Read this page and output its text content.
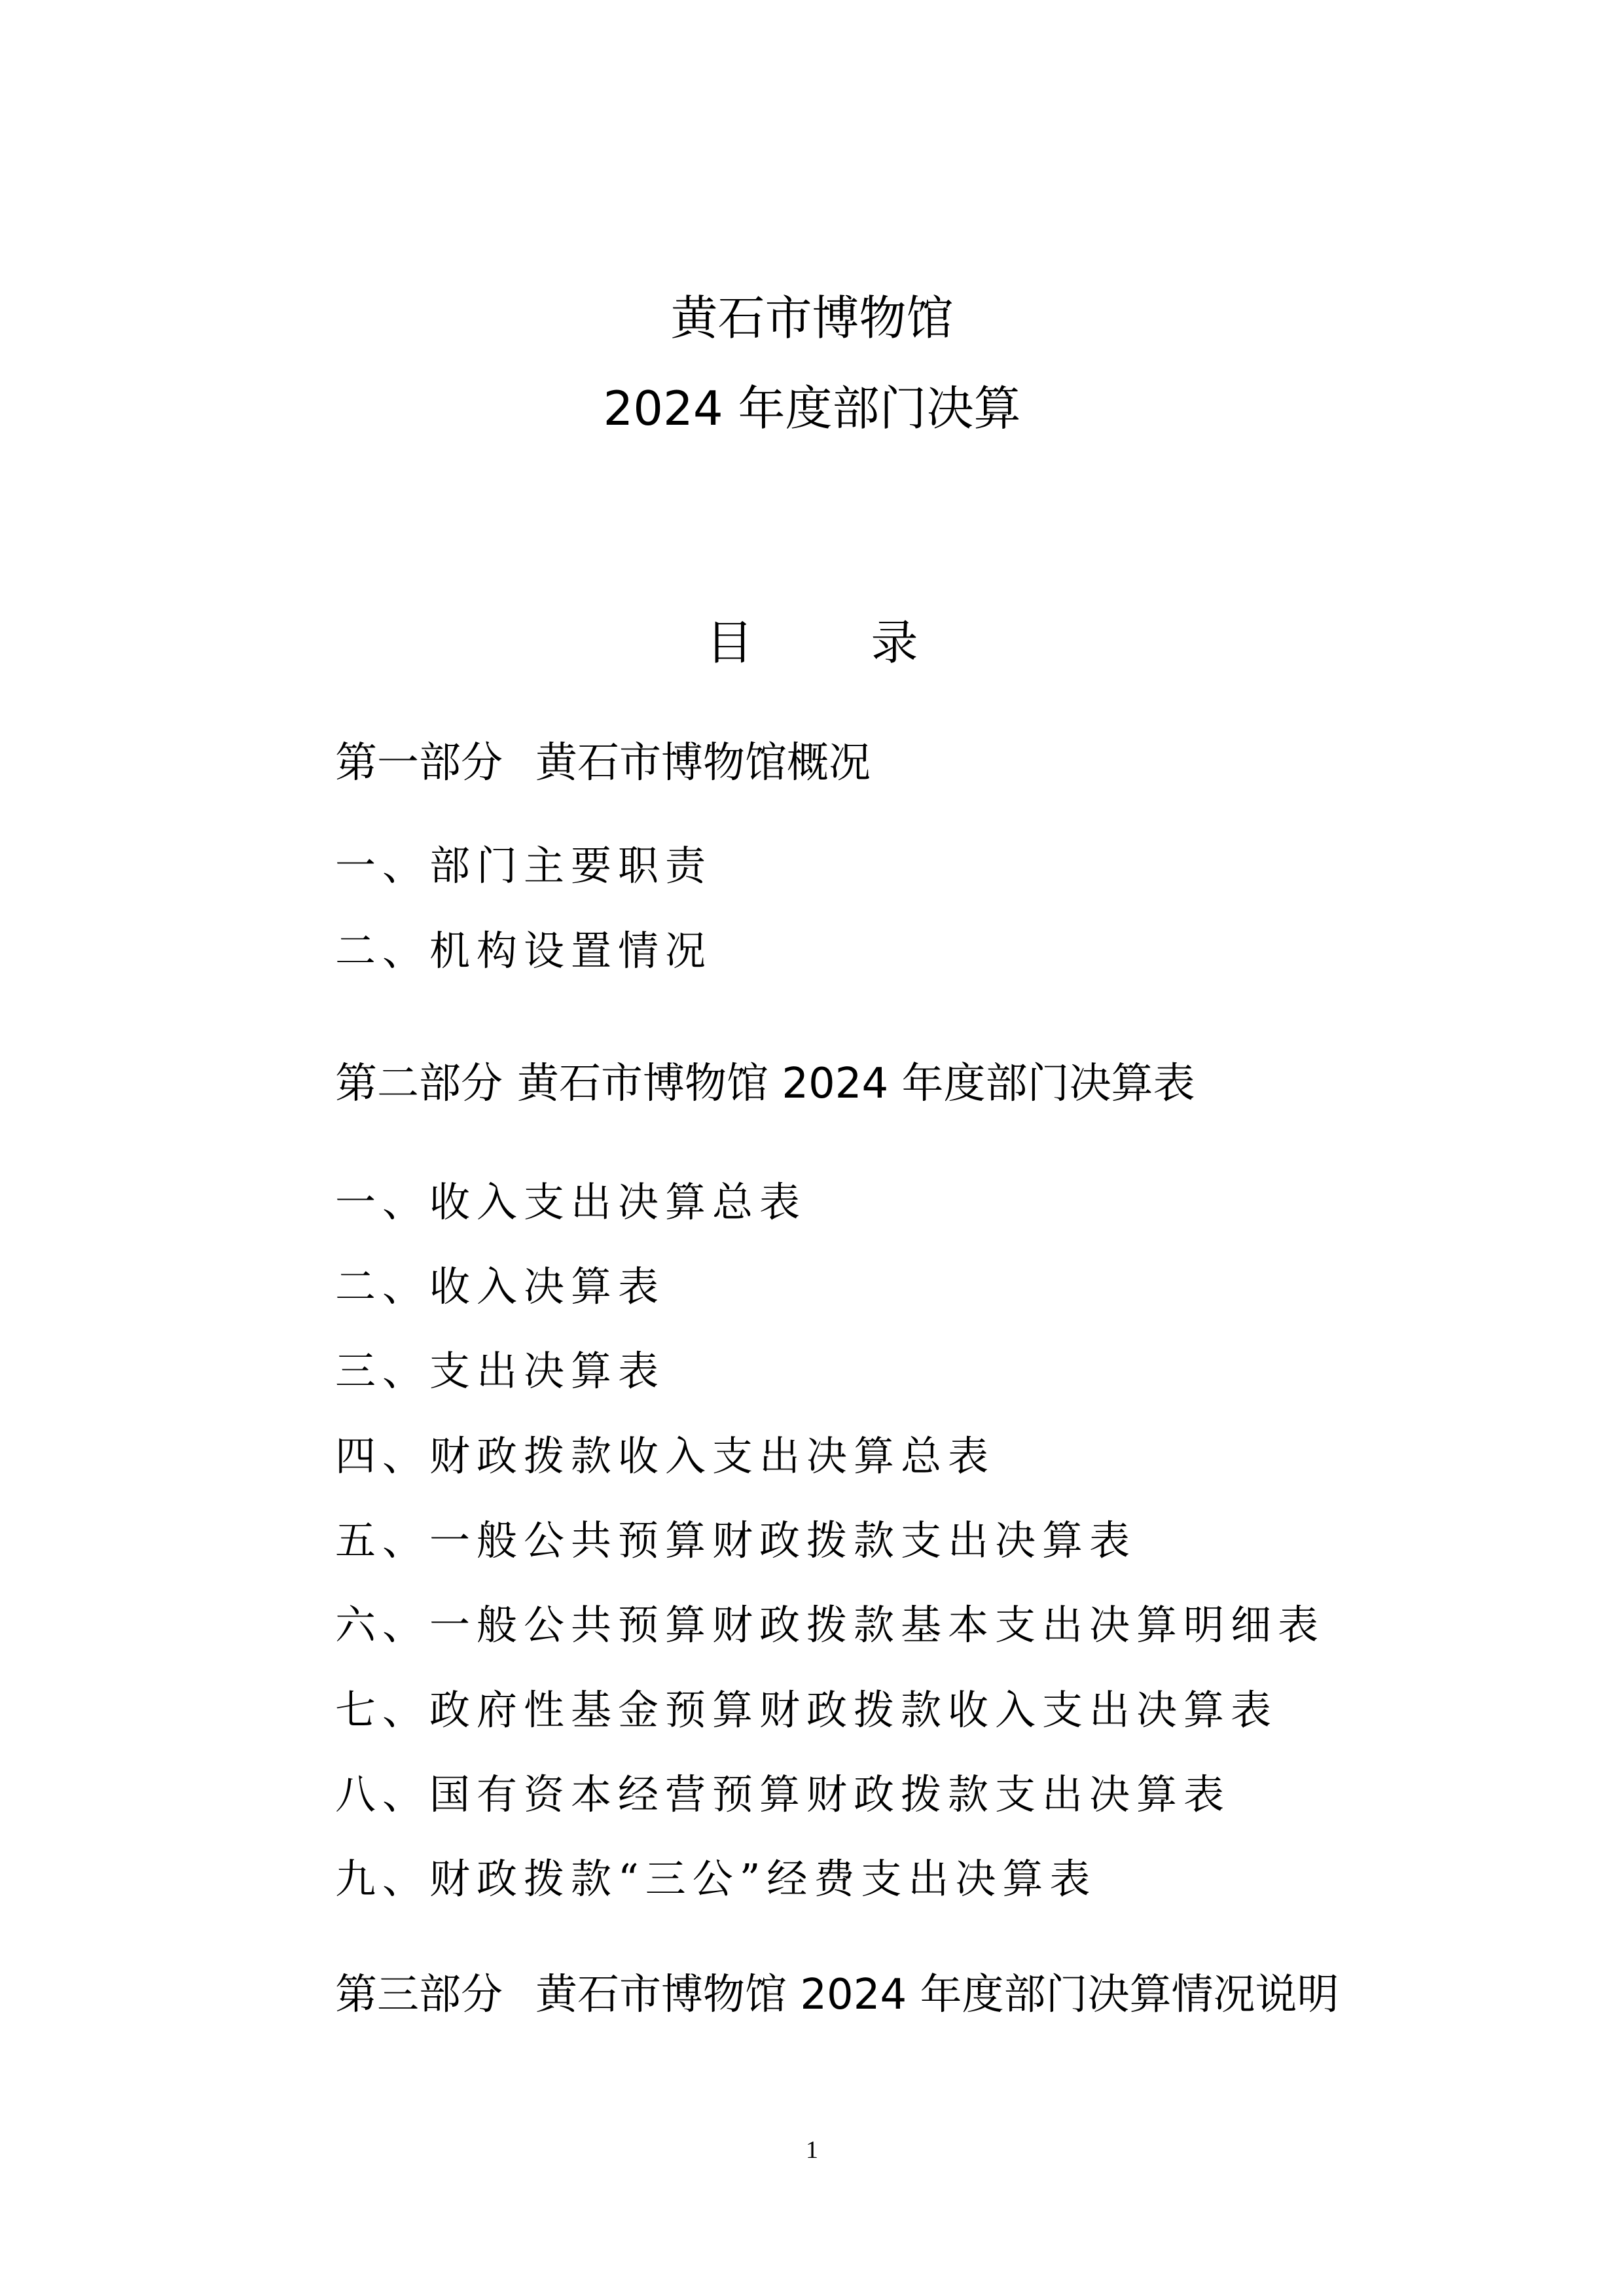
黄石市博物馆
2024 年度部门决算
目	录
第一部分 黄石市博物馆概况
一、部门主要职责
二、机构设置情况
第二部分 黄石市博物馆 2024 年度部门决算表
一、收入支出决算总表
二、收入决算表
三、支出决算表
四、财政拨款收入支出决算总表
五、一般公共预算财政拨款支出决算表
六、一般公共预算财政拨款基本支出决算明细表
七、政府性基金预算财政拨款收入支出决算表
八、国有资本经营预算财政拨款支出决算表
九、财政拨款“三公”经费支出决算表
第三部分 黄石市博物馆 2024 年度部门决算情况说明
1
